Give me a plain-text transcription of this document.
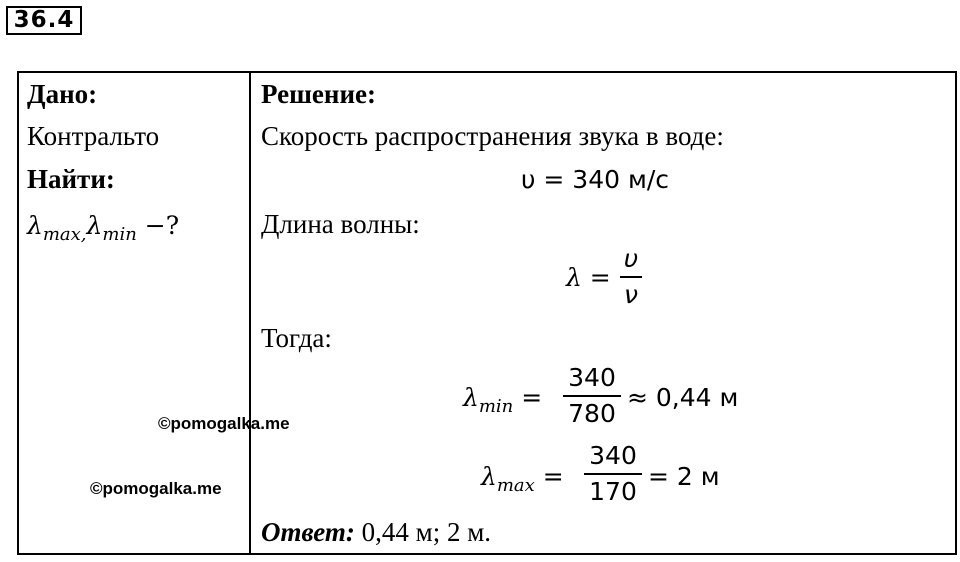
36.4
Дано:
Контральто
Найти:
$\lambda_{max,}\lambda_{min}$ −?
Решение:
Скорость распространения звука в воде:
υ = 340 м/с
Длина волны:
λ =
υ
ν
Тогда:
$\lambda_{min}$ =
340
780
≈ 0,44 м
$\lambda_{max}$ =
340
170
= 2 м
Ответ: 0,44 м; 2 м.
©pomogalka.me
©pomogalka.me
